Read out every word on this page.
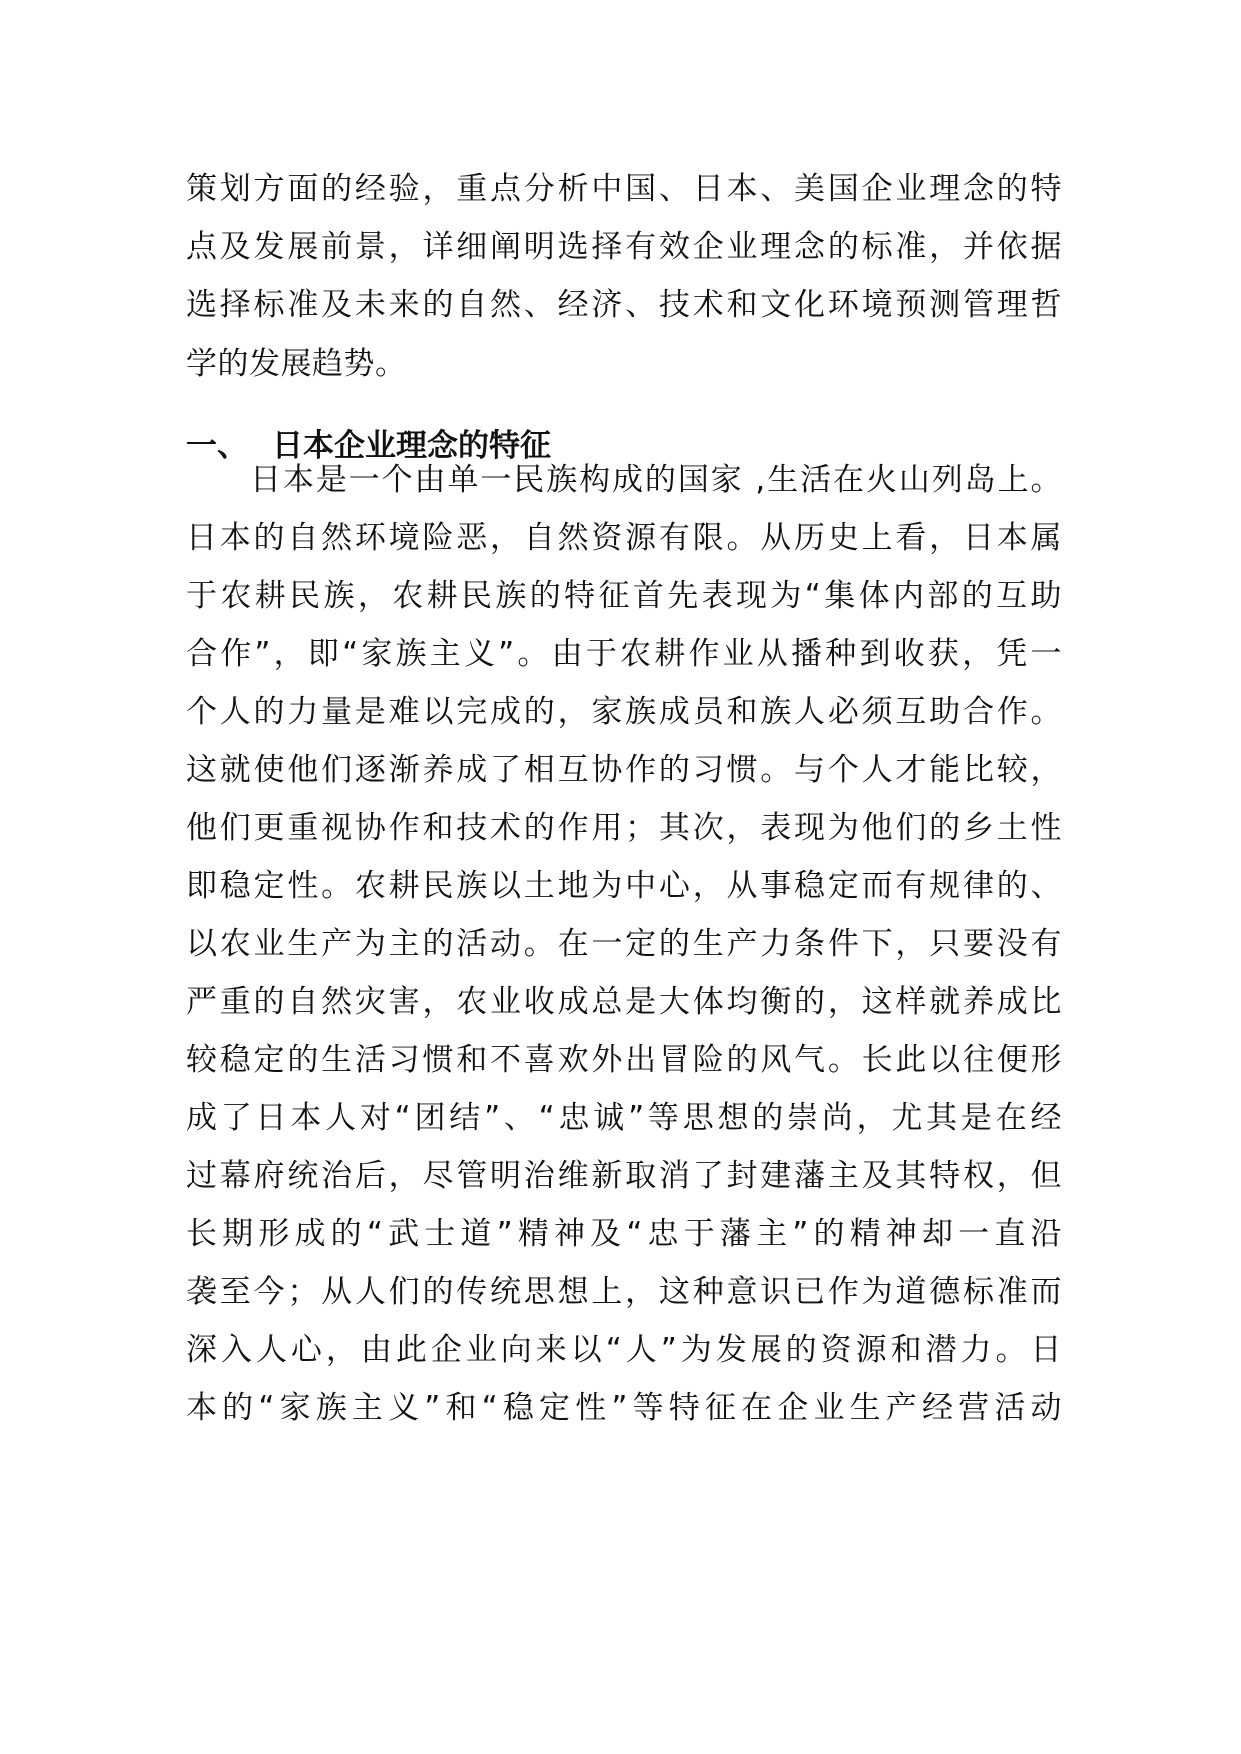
策划方面的经验，重点分析中国、日本、美国企业理念的特
点及发展前景，详细阐明选择有效企业理念的标准，并依据
选择标准及未来的自然、经济、技术和文化环境预测管理哲
学的发展趋势。
一、 日本企业理念的特征
日本是一个由单一民族构成的国家 ,生活在火山列岛上。
日本的自然环境险恶，自然资源有限。从历史上看，日本属
于农耕民族，农耕民族的特征首先表现为“集体内部的互助
合作”，即“家族主义”。由于农耕作业从播种到收获，凭一
个人的力量是难以完成的，家族成员和族人必须互助合作。
这就使他们逐渐养成了相互协作的习惯。与个人才能比较，
他们更重视协作和技术的作用；其次，表现为他们的乡土性
即稳定性。农耕民族以土地为中心，从事稳定而有规律的、
以农业生产为主的活动。在一定的生产力条件下，只要没有
严重的自然灾害，农业收成总是大体均衡的，这样就养成比
较稳定的生活习惯和不喜欢外出冒险的风气。长此以往便形
成了日本人对“团结”、“忠诚”等思想的崇尚，尤其是在经
过幕府统治后，尽管明治维新取消了封建藩主及其特权，但
长期形成的“武士道”精神及“忠于藩主”的精神却一直沿
袭至今；从人们的传统思想上，这种意识已作为道德标准而
深入人心，由此企业向来以“人”为发展的资源和潜力。日
本的“家族主义”和“稳定性”等特征在企业生产经营活动
